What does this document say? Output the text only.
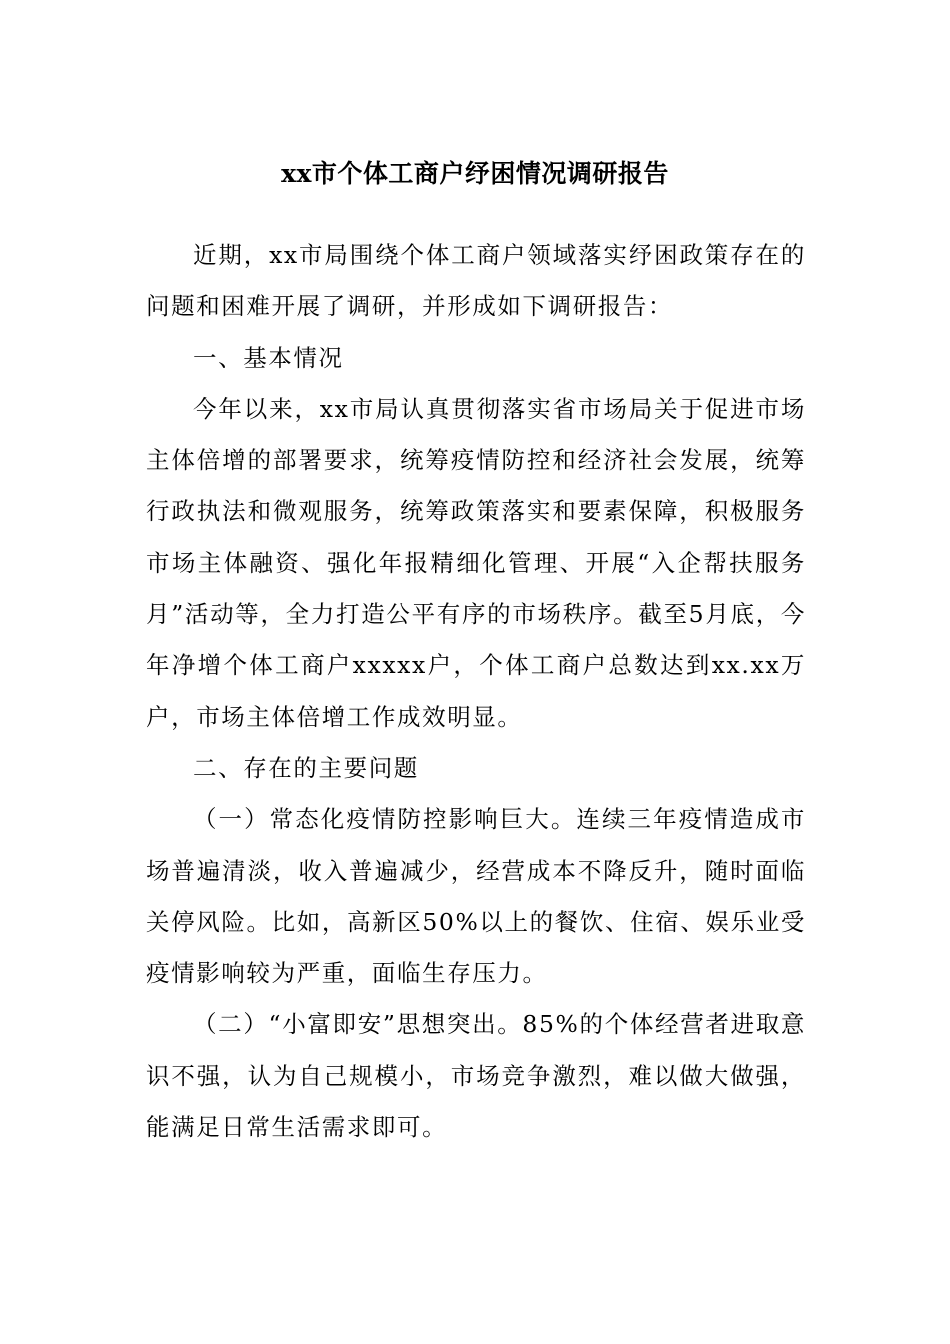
xx市个体工商户纾困情况调研报告

近期，xx市局围绕个体工商户领域落实纾困政策存在的问题和困难开展了调研，并形成如下调研报告：

一、基本情况

今年以来，xx市局认真贯彻落实省市场局关于促进市场主体倍增的部署要求，统筹疫情防控和经济社会发展，统筹行政执法和微观服务，统筹政策落实和要素保障，积极服务市场主体融资、强化年报精细化管理、开展“入企帮扶服务月”活动等，全力打造公平有序的市场秩序。截至5月底，今年净增个体工商户xxxxx户，个体工商户总数达到xx.xx万户，市场主体倍增工作成效明显。

二、存在的主要问题

（一）常态化疫情防控影响巨大。连续三年疫情造成市场普遍清淡，收入普遍减少，经营成本不降反升，随时面临关停风险。比如，高新区50%以上的餐饮、住宿、娱乐业受疫情影响较为严重，面临生存压力。

（二）“小富即安”思想突出。85%的个体经营者进取意识不强，认为自己规模小，市场竞争激烈，难以做大做强，能满足日常生活需求即可。
